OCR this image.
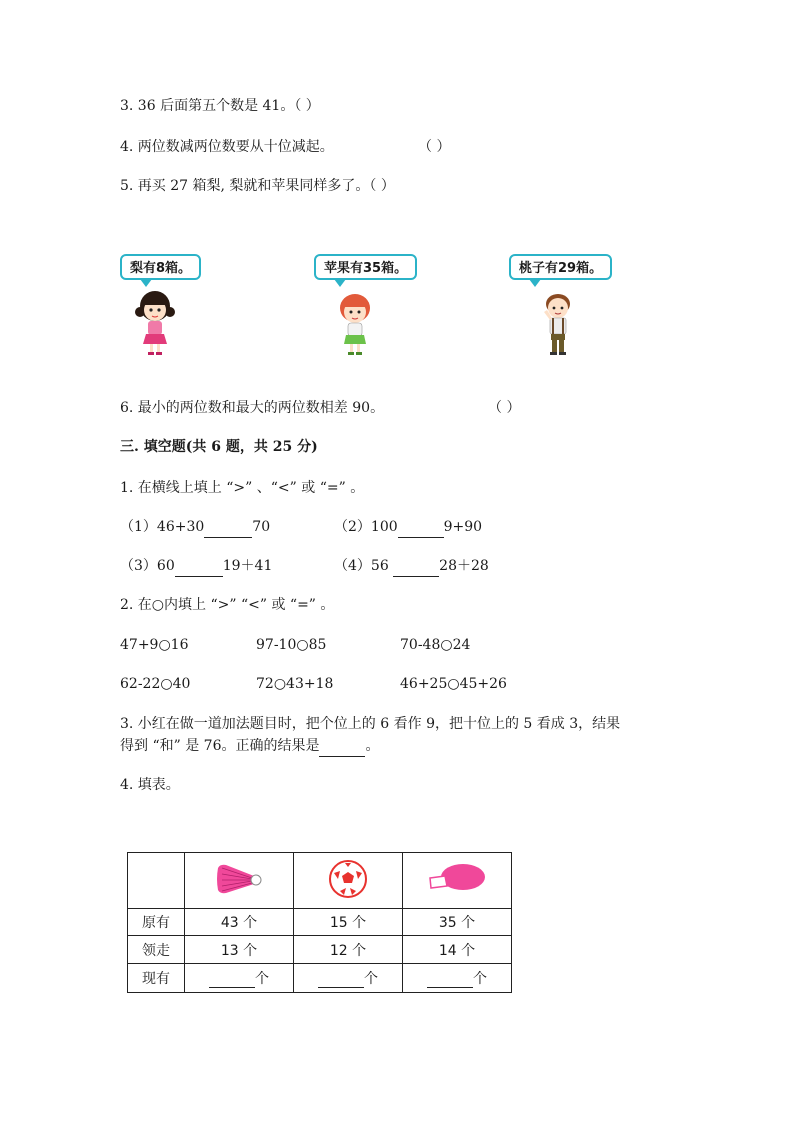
3. 36 后面第五个数是 41。（ ）
4. 两位数减两位数要从十位减起。	（ ）
5. 再买 27 箱梨, 梨就和苹果同样多了。（ ）
梨有8箱。	苹果有35箱。	桃子有29箱。
6. 最小的两位数和最大的两位数相差 90。	（ ）
三. 填空题(共 6 题，共 25 分)
1. 在横线上填上 “>” 、“<” 或 “=” 。
（1）46+30	70	（2）100	9+90
（3）60	19＋41	（4）56	28＋28
2. 在○内填上 “>” “<” 或 “=” 。
47+9○16	97-10○85	70-48○24
62-22○40	72○43+18	46+25○45+26
3. 小红在做一道加法题目时，把个位上的 6 看作 9，把十位上的 5 看成 3，结果
得到 “和” 是 76。正确的结果是	。
4. 填表。

原有	43 个	15 个	35 个
领走	13 个	12 个	14 个
现有	个	个	个
